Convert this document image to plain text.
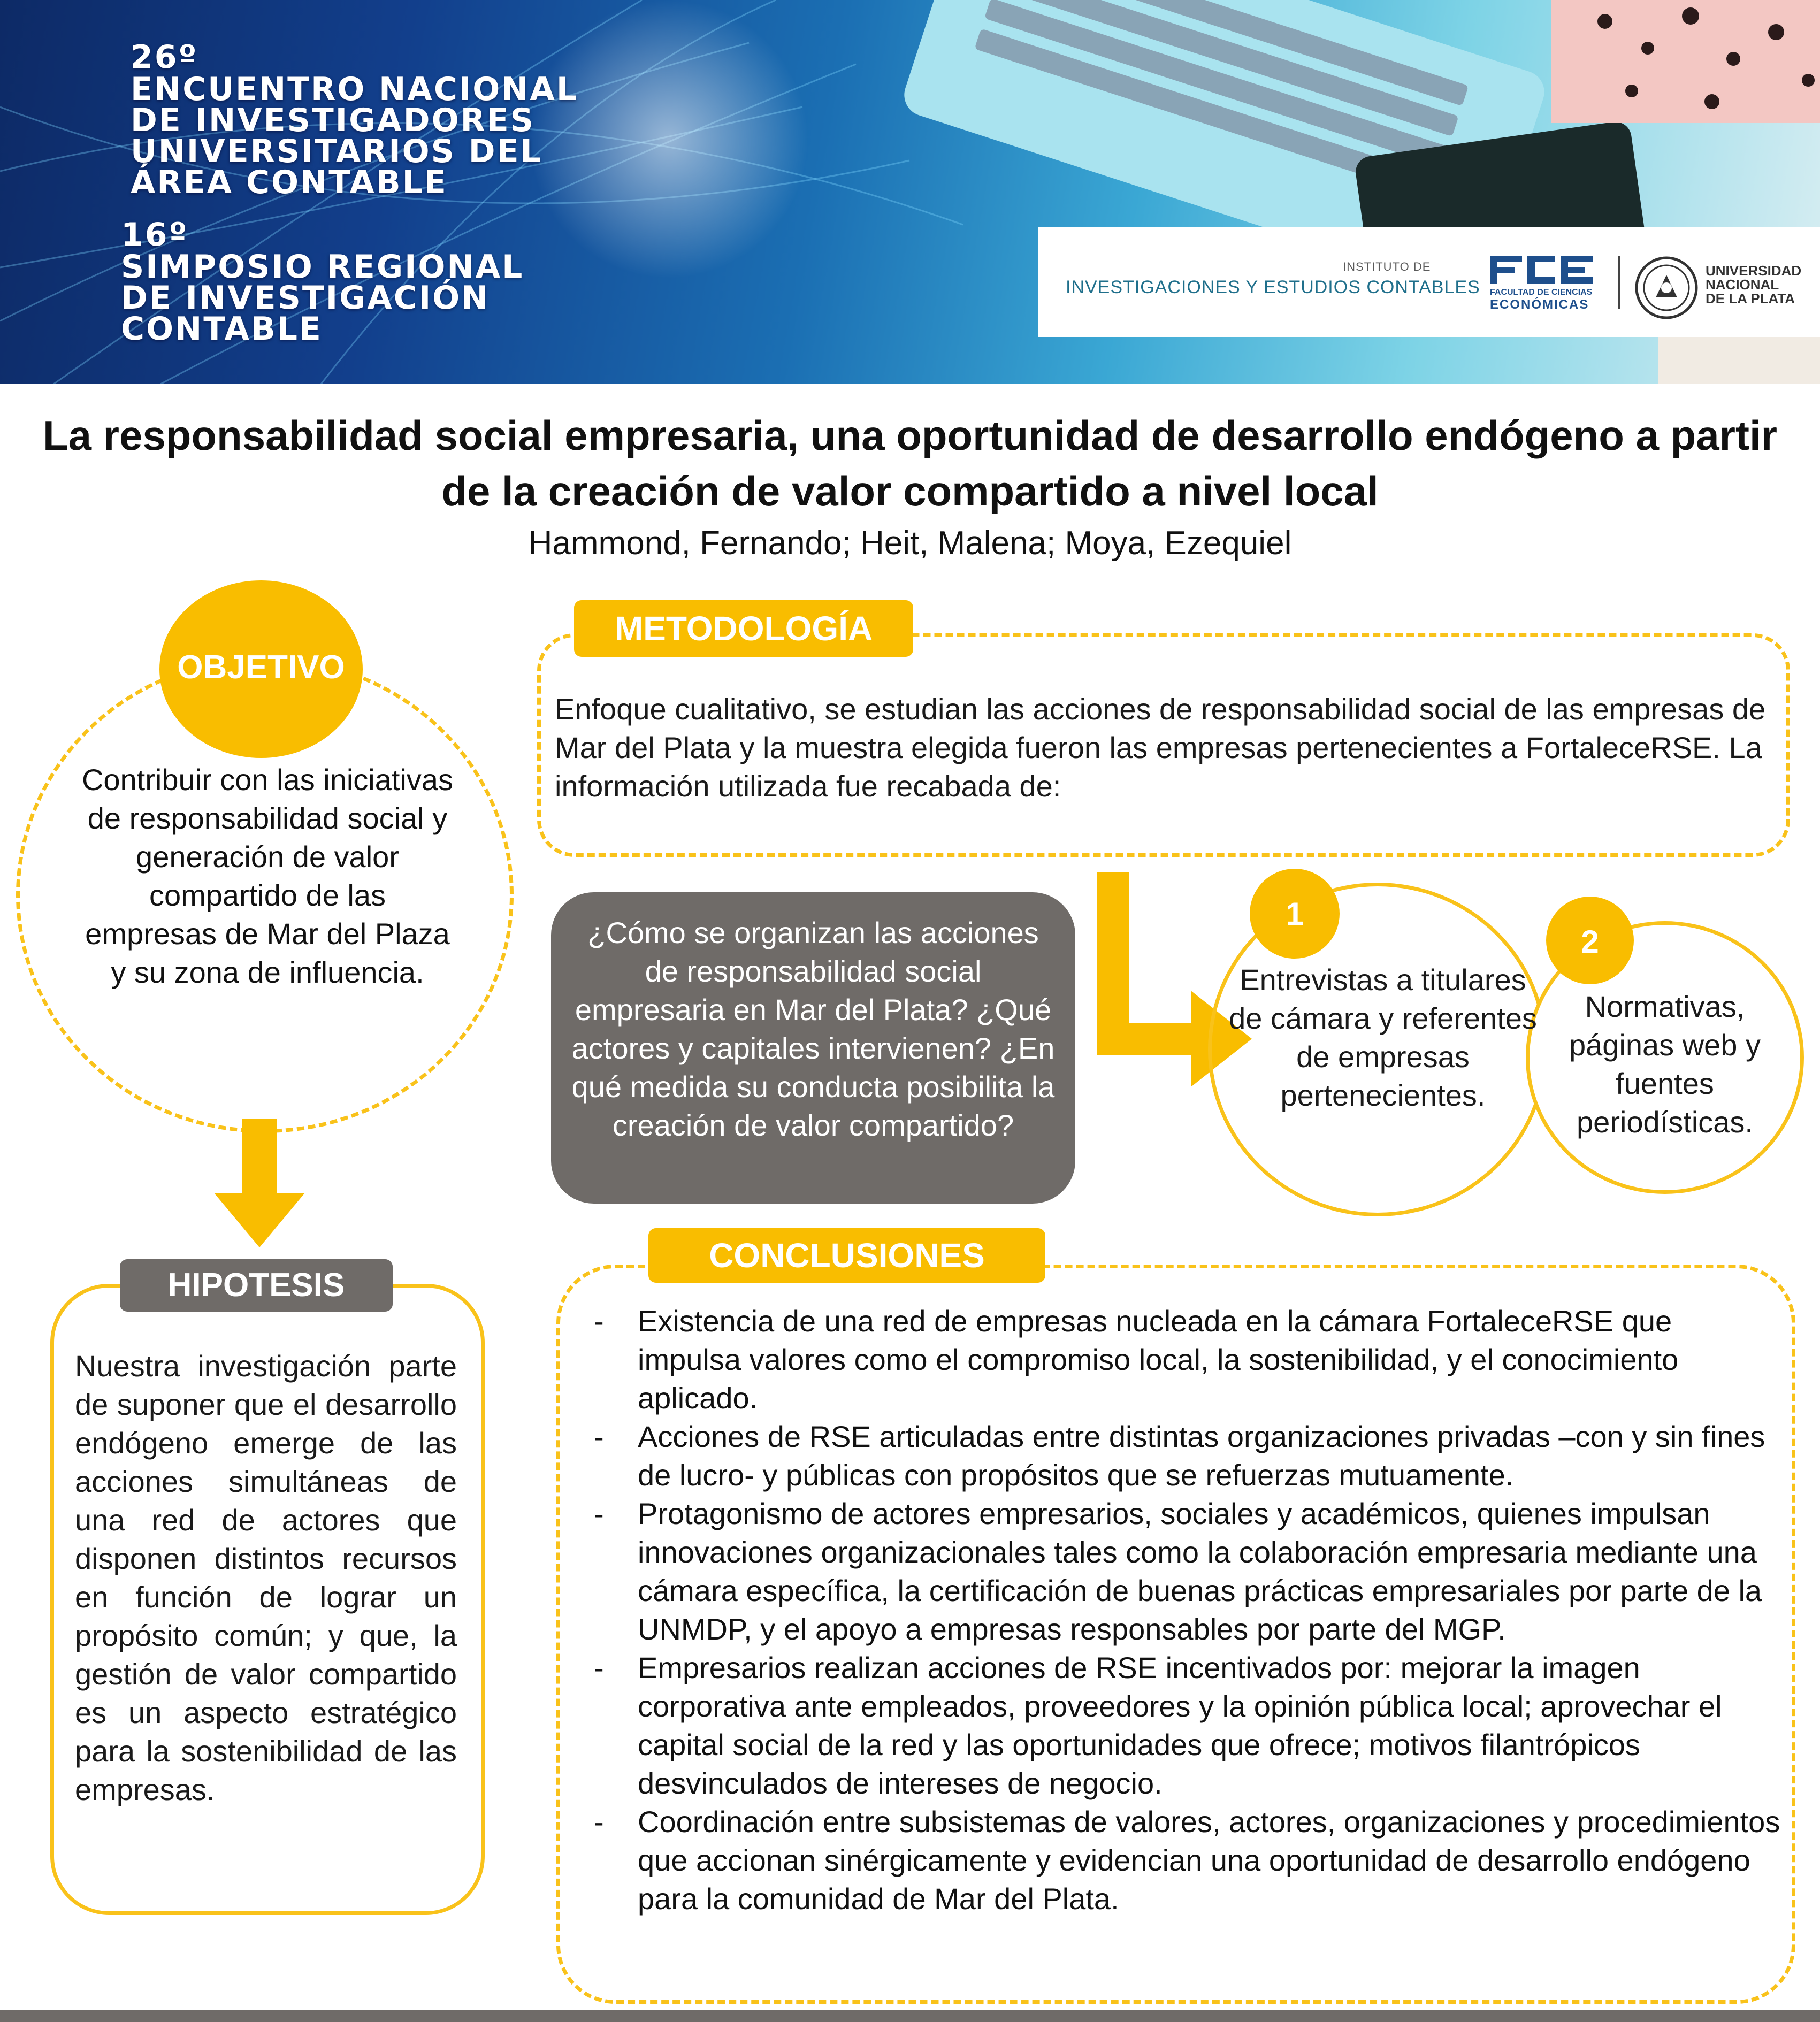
26º
ENCUENTRO NACIONAL
DE INVESTIGADORES
UNIVERSITARIOS DEL
ÁREA CONTABLE
16º
SIMPOSIO REGIONAL
DE INVESTIGACIÓN
CONTABLE
INSTITUTO DE
INVESTIGACIONES Y ESTUDIOS CONTABLES FACULTAD DE CIENCIAS
ECONÓMICAS
UNIVERSIDAD
NACIONAL
DE LA PLATA
La responsabilidad social empresaria, una oportunidad de desarrollo endógeno a partir de la creación de valor compartido a nivel local
Hammond, Fernando; Heit, Malena; Moya, Ezequiel
OBJETIVO
Contribuir con las iniciativas de responsabilidad social y generación de valor compartido de las empresas de Mar del Plaza y su zona de influencia.
HIPOTESIS
Nuestra investigación parte de suponer que el desarrollo endógeno emerge de las acciones simultáneas de una red de actores que disponen distintos recursos en función de lograr un propósito común; y que, la gestión de valor compartido es un aspecto estratégico para la sostenibilidad de las empresas.
METODOLOGÍA
Enfoque cualitativo, se estudian las acciones de responsabilidad social de las empresas de Mar del Plata y la muestra elegida fueron las empresas pertenecientes a FortaleceRSE. La información utilizada fue recabada de:
¿Cómo se organizan las acciones de responsabilidad social empresaria en Mar del Plata? ¿Qué actores y capitales intervienen? ¿En qué medida su conducta posibilita la creación de valor compartido?
1
Entrevistas a titulares de cámara y referentes de empresas pertenecientes.
2
Normativas, páginas web y fuentes periodísticas.
CONCLUSIONES
- Existencia de una red de empresas nucleada en la cámara FortaleceRSE que impulsa valores como el compromiso local, la sostenibilidad, y el conocimiento aplicado.
- Acciones de RSE articuladas entre distintas organizaciones privadas –con y sin fines de lucro- y públicas con propósitos que se refuerzas mutuamente.
- Protagonismo de actores empresarios, sociales y académicos, quienes impulsan innovaciones organizacionales tales como la colaboración empresaria mediante una cámara específica, la certificación de buenas prácticas empresariales por parte de la UNMDP, y el apoyo a empresas responsables por parte del MGP.
- Empresarios realizan acciones de RSE incentivados por: mejorar la imagen corporativa ante empleados, proveedores y la opinión pública local; aprovechar el capital social de la red y las oportunidades que ofrece; motivos filantrópicos desvinculados de intereses de negocio.
- Coordinación entre subsistemas de valores, actores, organizaciones y procedimientos que accionan sinérgicamente y evidencian una oportunidad de desarrollo endógeno para la comunidad de Mar del Plata.
